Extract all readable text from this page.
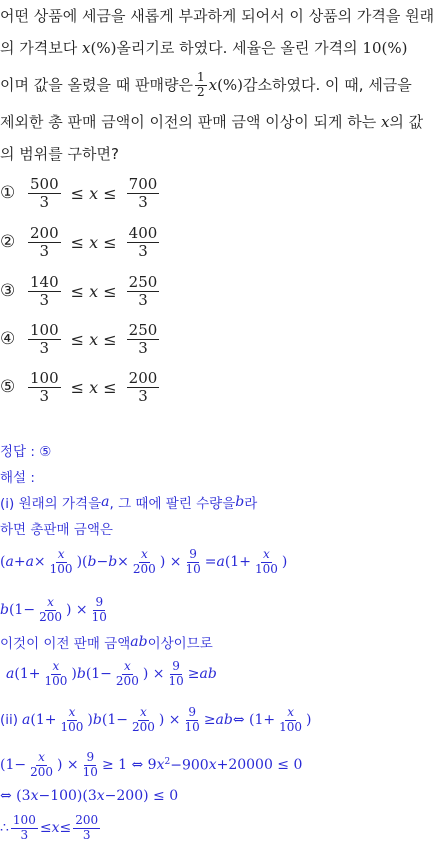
어떤 상품에 세금을 새롭게 부과하게 되어서 이 상품의 가격을 원래
의 가격보다 x(%)올리기로 하였다. 세율은 올린 가격의 10(%)
이며 값을 올렸을 때 판매량은 $\frac{1}{2}$ x (%) 감소하였다. 이 때, 세금을
제외한 총 판매 금액이 이전의 판매 금액 이상이 되게 하는 x의 값
의 범위를 구하면?
① $\frac{500}{3} \le x \le \frac{700}{3}$
② $\frac{200}{3} \le x \le \frac{400}{3}$
③ $\frac{140}{3} \le x \le \frac{250}{3}$
④ $\frac{100}{3} \le x \le \frac{250}{3}$
⑤ $\frac{100}{3} \le x \le \frac{200}{3}$
정답 : ⑤
해설 :
(i) 원래의 가격을 a , 그 때에 팔린 수량을 b 라
하면 총판매 금액은
( $a + a \times \frac{x}{100}$ )( $b - b \times \frac{x}{200}$ ) × $\frac{9}{10} = a$ ($1+ \frac{x}{100}$ )
b ($1- \frac{x}{200}$ ) × $\frac{9}{10}$
이것이 이전 판매 금액 ab 이상이므로
a ($1+ \frac{x}{100}$ ) b ($1- \frac{x}{200}$ ) × $\frac{9}{10}$ ≥ ab
(ii) a ($1+ \frac{x}{100}$ ) b ($1- \frac{x}{200}$ ) × $\frac{9}{10}$ ≥ ab ⇔ ($1+ \frac{x}{100}$ )
($1- \frac{x}{200}$ ) × $\frac{9}{10} \ge 1$ ⇔ 9 x $^2$−900 x +20000 ≤ 0
⇔ (3 x −100)(3 x −200) ≤ 0
∴ $\frac{100}{3} \le x \le \frac{200}{3}$
